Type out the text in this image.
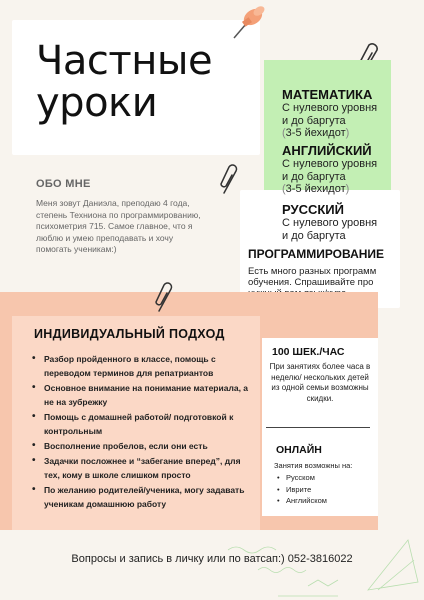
Частные
уроки	МАТЕМАТИКА

С нулевого уровня

и до баргута

(3-5 йехидот)

АНГЛИЙСКИЙ

С нулевого уровня

и до баргута

(3-5 йехидот)

РУССКИЙ

С нулевого уровня

и до баргута

ПРОГРАММИРОВАНИЕ

Есть много разных программ обучения. Спрашивайте про

ОБО МНЕ

Меня зовут Даниэла, преподаю 4 года, степень Техниона по программированию, психометрия 715. Самое главное, что я люблю и умею преподавать и хочу помогать ученикам:)

ИНДИВИДУАЛЬНЫЙ ПОДХОД

• Разбор пройденного в классе, помощь с переводом терминов для репатриантов
• Основное внимание на понимание материала, а не на зубрежку
• Помощь с домашней работой/ подготовкой к контрольным
• Восполнение пробелов, если они есть
• Задачки посложнее и “забегание вперед”, для тех, кому в школе слишком просто
• По желанию родителей/ученика, могу задавать ученикам домашнюю работу

100 ШЕК./ЧАС

При занятиях более часа в неделю/ нескольких детей из одной семьи возможны скидки.

ОНЛАЙН

Занятия возможны на:

• Русском
• Иврите
• Английском

Вопросы и запись в личку или по ватсап:) 052-3816022
